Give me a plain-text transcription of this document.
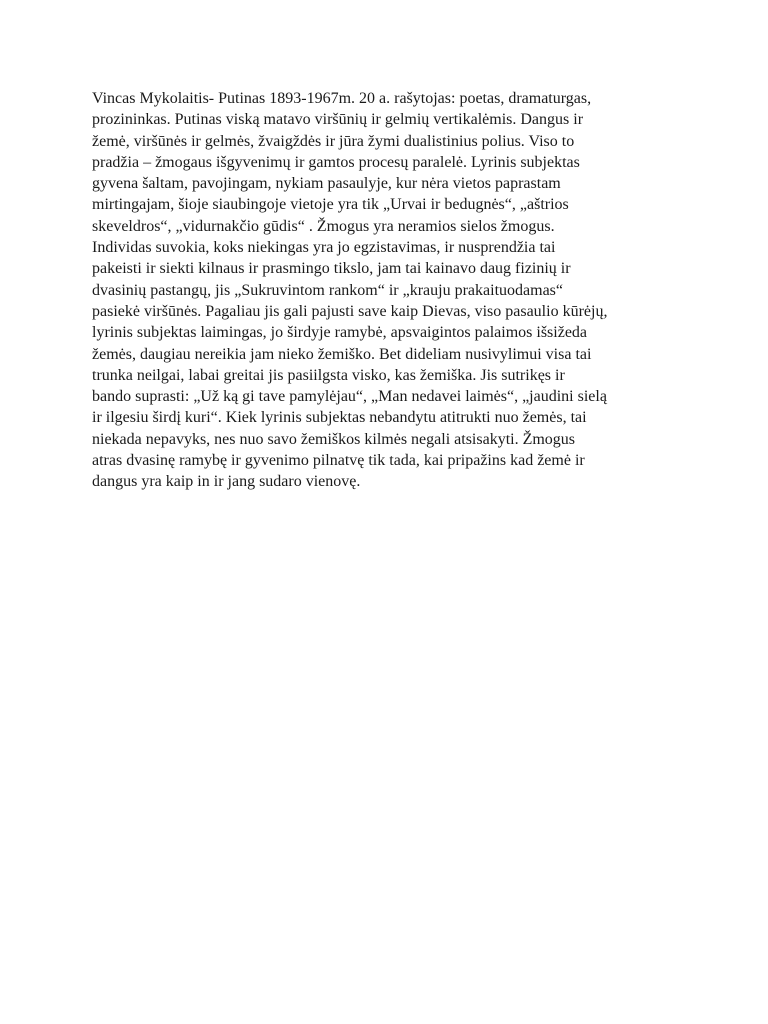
Vincas Mykolaitis- Putinas 1893-1967m. 20 a. rašytojas: poetas, dramaturgas,
prozininkas. Putinas viską matavo viršūnių ir gelmių vertikalėmis. Dangus ir
žemė, viršūnės ir gelmės, žvaigždės ir jūra žymi dualistinius polius. Viso to
pradžia – žmogaus išgyvenimų ir gamtos procesų paralelė. Lyrinis subjektas
gyvena šaltam, pavojingam, nykiam pasaulyje, kur nėra vietos paprastam
mirtingajam, šioje siaubingoje vietoje yra tik „Urvai ir bedugnės“, „aštrios
skeveldros“, „vidurnakčio gūdis“ . Žmogus yra neramios sielos žmogus.
Individas suvokia, koks niekingas yra jo egzistavimas, ir nusprendžia tai
pakeisti ir siekti kilnaus ir prasmingo tikslo, jam tai kainavo daug fizinių ir
dvasinių pastangų, jis „Sukruvintom rankom“ ir „krauju prakaituodamas“
pasiekė viršūnės. Pagaliau jis gali pajusti save kaip Dievas, viso pasaulio kūrėjų,
lyrinis subjektas laimingas, jo širdyje ramybė, apsvaigintos palaimos išsižeda
žemės, daugiau nereikia jam nieko žemiško. Bet dideliam nusivylimui visa tai
trunka neilgai, labai greitai jis pasiilgsta visko, kas žemiška. Jis sutrikęs ir
bando suprasti: „Už ką gi tave pamylėjau“, „Man nedavei laimės“, „jaudini sielą
ir ilgesiu širdį kuri“. Kiek lyrinis subjektas nebandytu atitrukti nuo žemės, tai
niekada nepavyks, nes nuo savo žemiškos kilmės negali atsisakyti. Žmogus
atras dvasinę ramybę ir gyvenimo pilnatvę tik tada, kai pripažins kad žemė ir
dangus yra kaip in ir jang sudaro vienovę.
